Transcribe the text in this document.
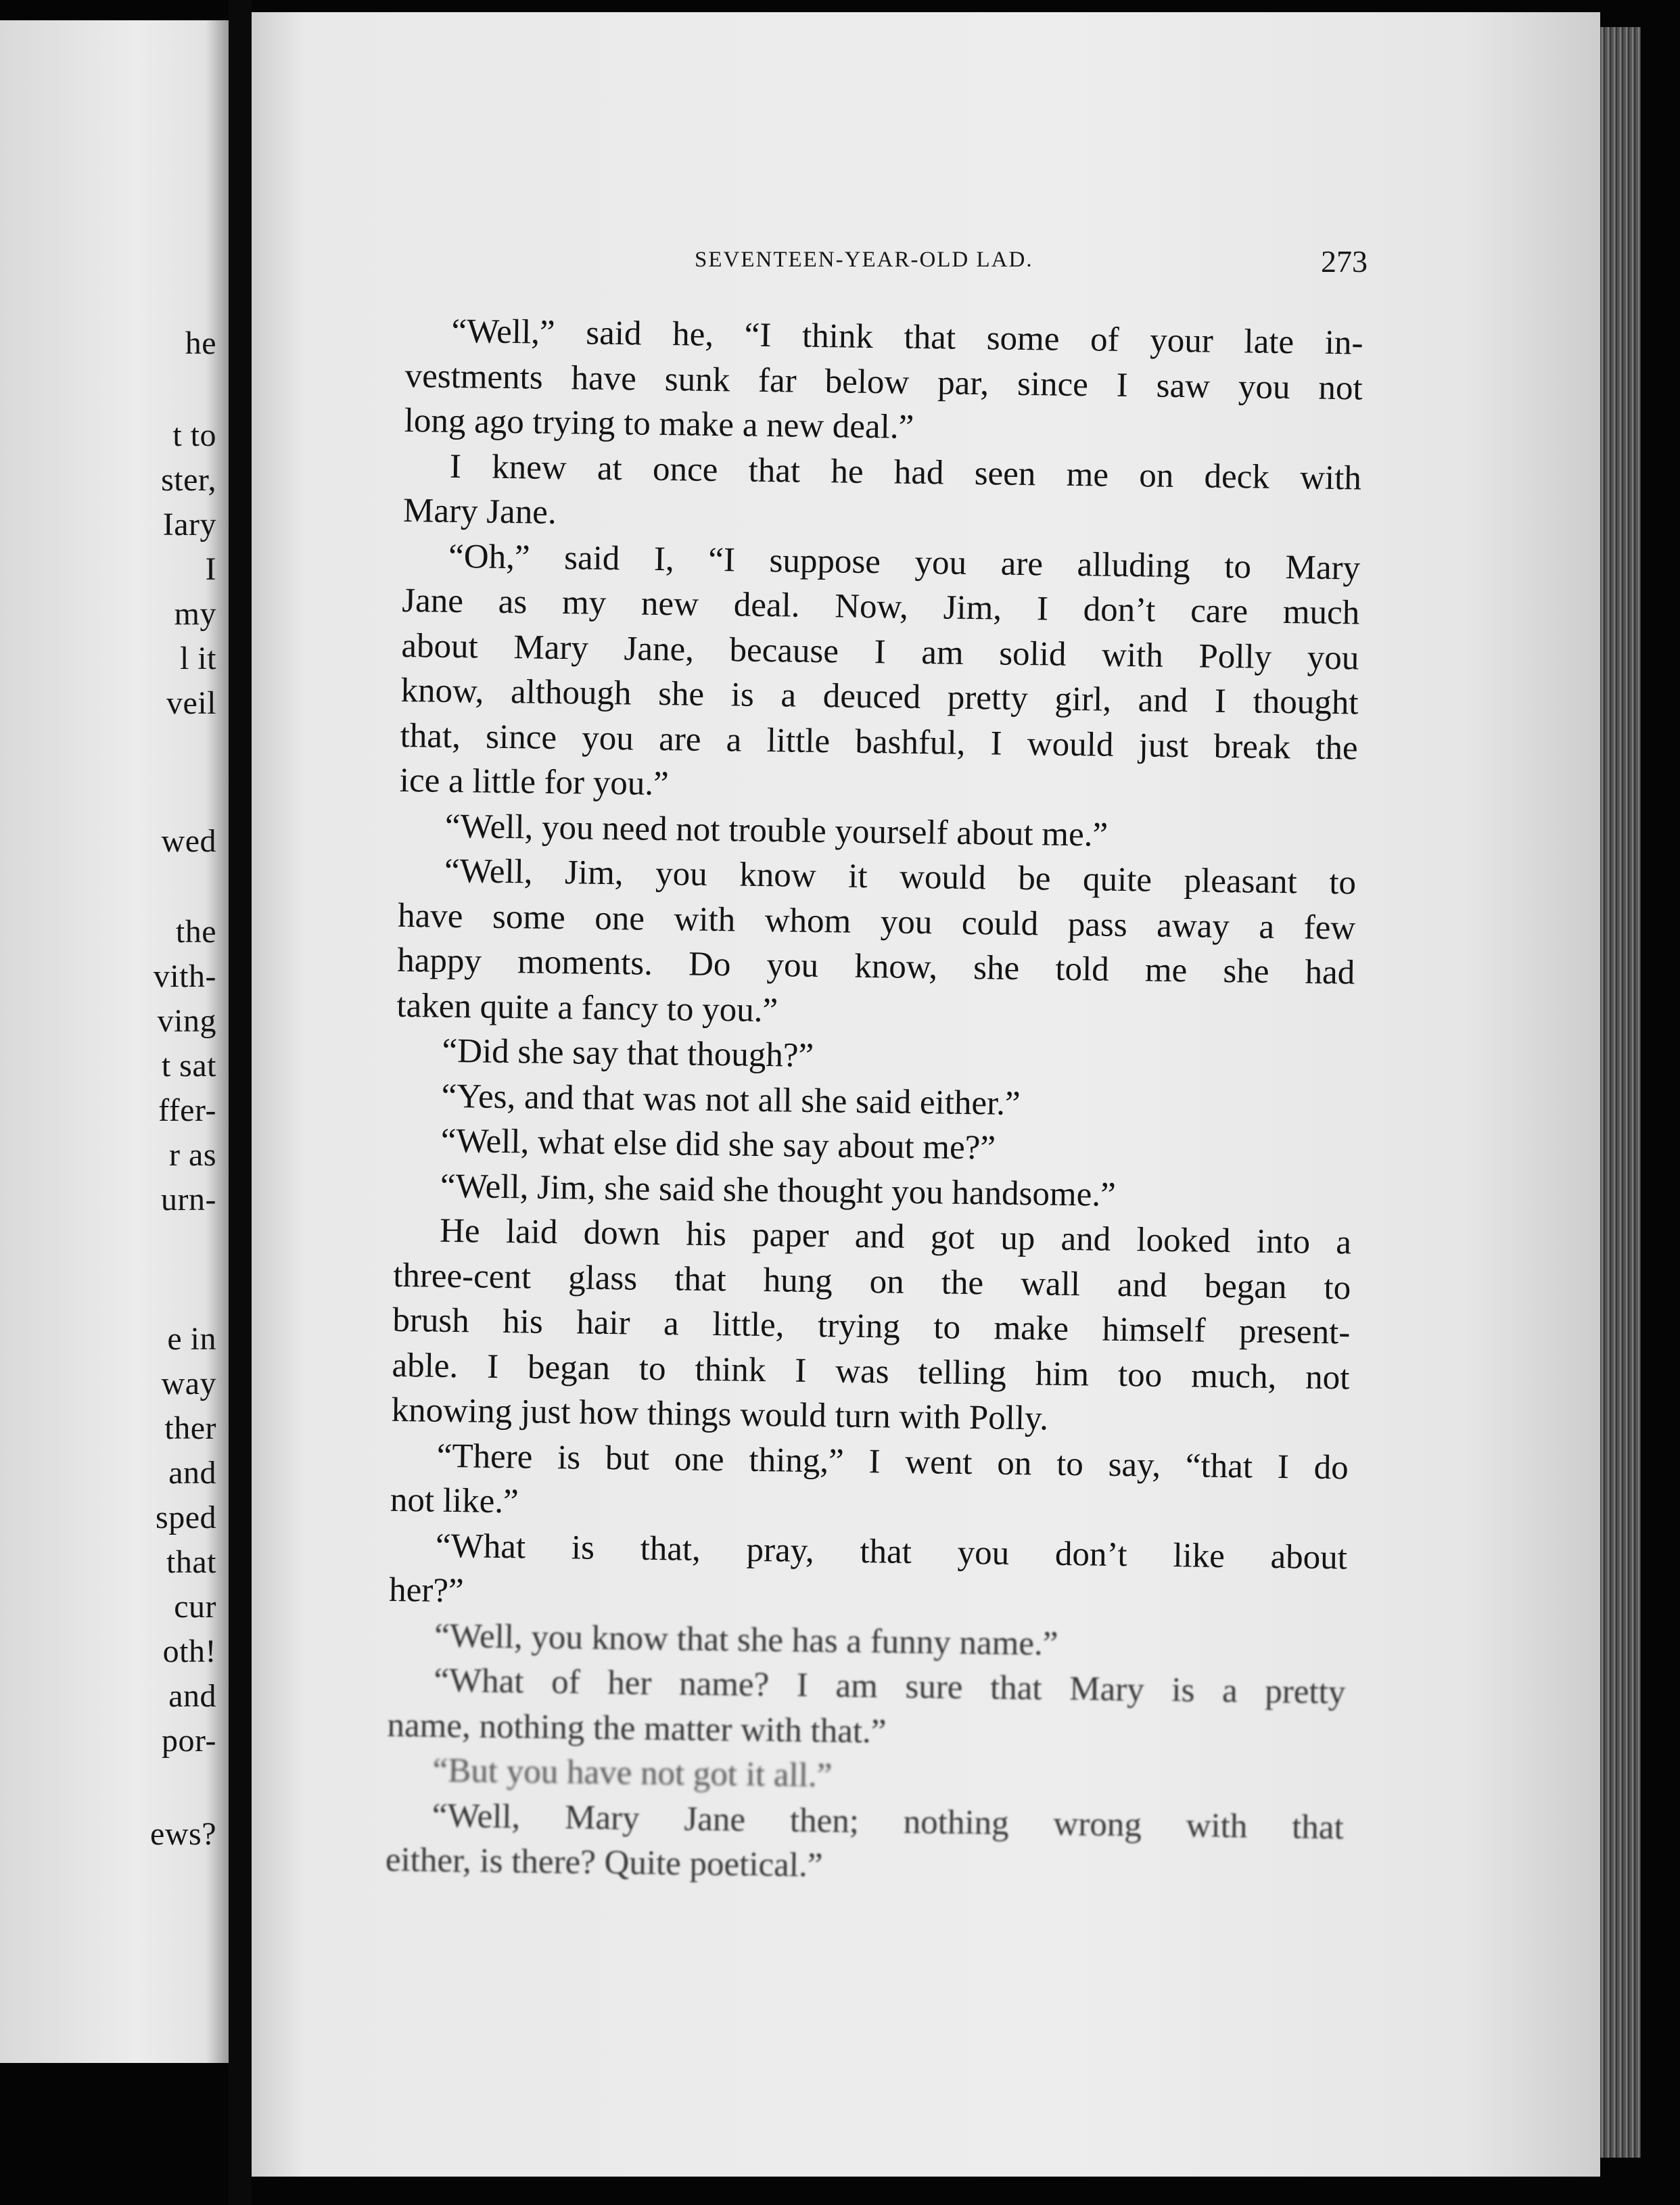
he
t to
ster,
Iary
I
my
l it
veil
wed
the
vith-
ving
t sat
ffer-
r as
urn-
e in
way
ther
and
sped
that
cur
oth!
and
por-
ews?
SEVENTEEN-YEAR-OLD LAD.	273
“Well,” said he, “I think that some of your late in-
vestments have sunk far below par, since I saw you not
long ago trying to make a new deal.”
I knew at once that he had seen me on deck with
Mary Jane.
“Oh,” said I, “I suppose you are alluding to Mary
Jane as my new deal. Now, Jim, I don’t care much
about Mary Jane, because I am solid with Polly you
know, although she is a deuced pretty girl, and I thought
that, since you are a little bashful, I would just break the
ice a little for you.”
“Well, you need not trouble yourself about me.”
“Well, Jim, you know it would be quite pleasant to
have some one with whom you could pass away a few
happy moments. Do you know, she told me she had
taken quite a fancy to you.”
“Did she say that though?”
“Yes, and that was not all she said either.”
“Well, what else did she say about me?”
“Well, Jim, she said she thought you handsome.”
He laid down his paper and got up and looked into a
three-cent glass that hung on the wall and began to
brush his hair a little, trying to make himself present-
able. I began to think I was telling him too much, not
knowing just how things would turn with Polly.
“There is but one thing,” I went on to say, “that I do
not like.”
“What is that, pray, that you don’t like about
her?”
“Well, you know that she has a funny name.”
“What of her name? I am sure that Mary is a pretty
name, nothing the matter with that.”
“But you have not got it all.”
“Well, Mary Jane then; nothing wrong with that
either, is there? Quite poetical.”
